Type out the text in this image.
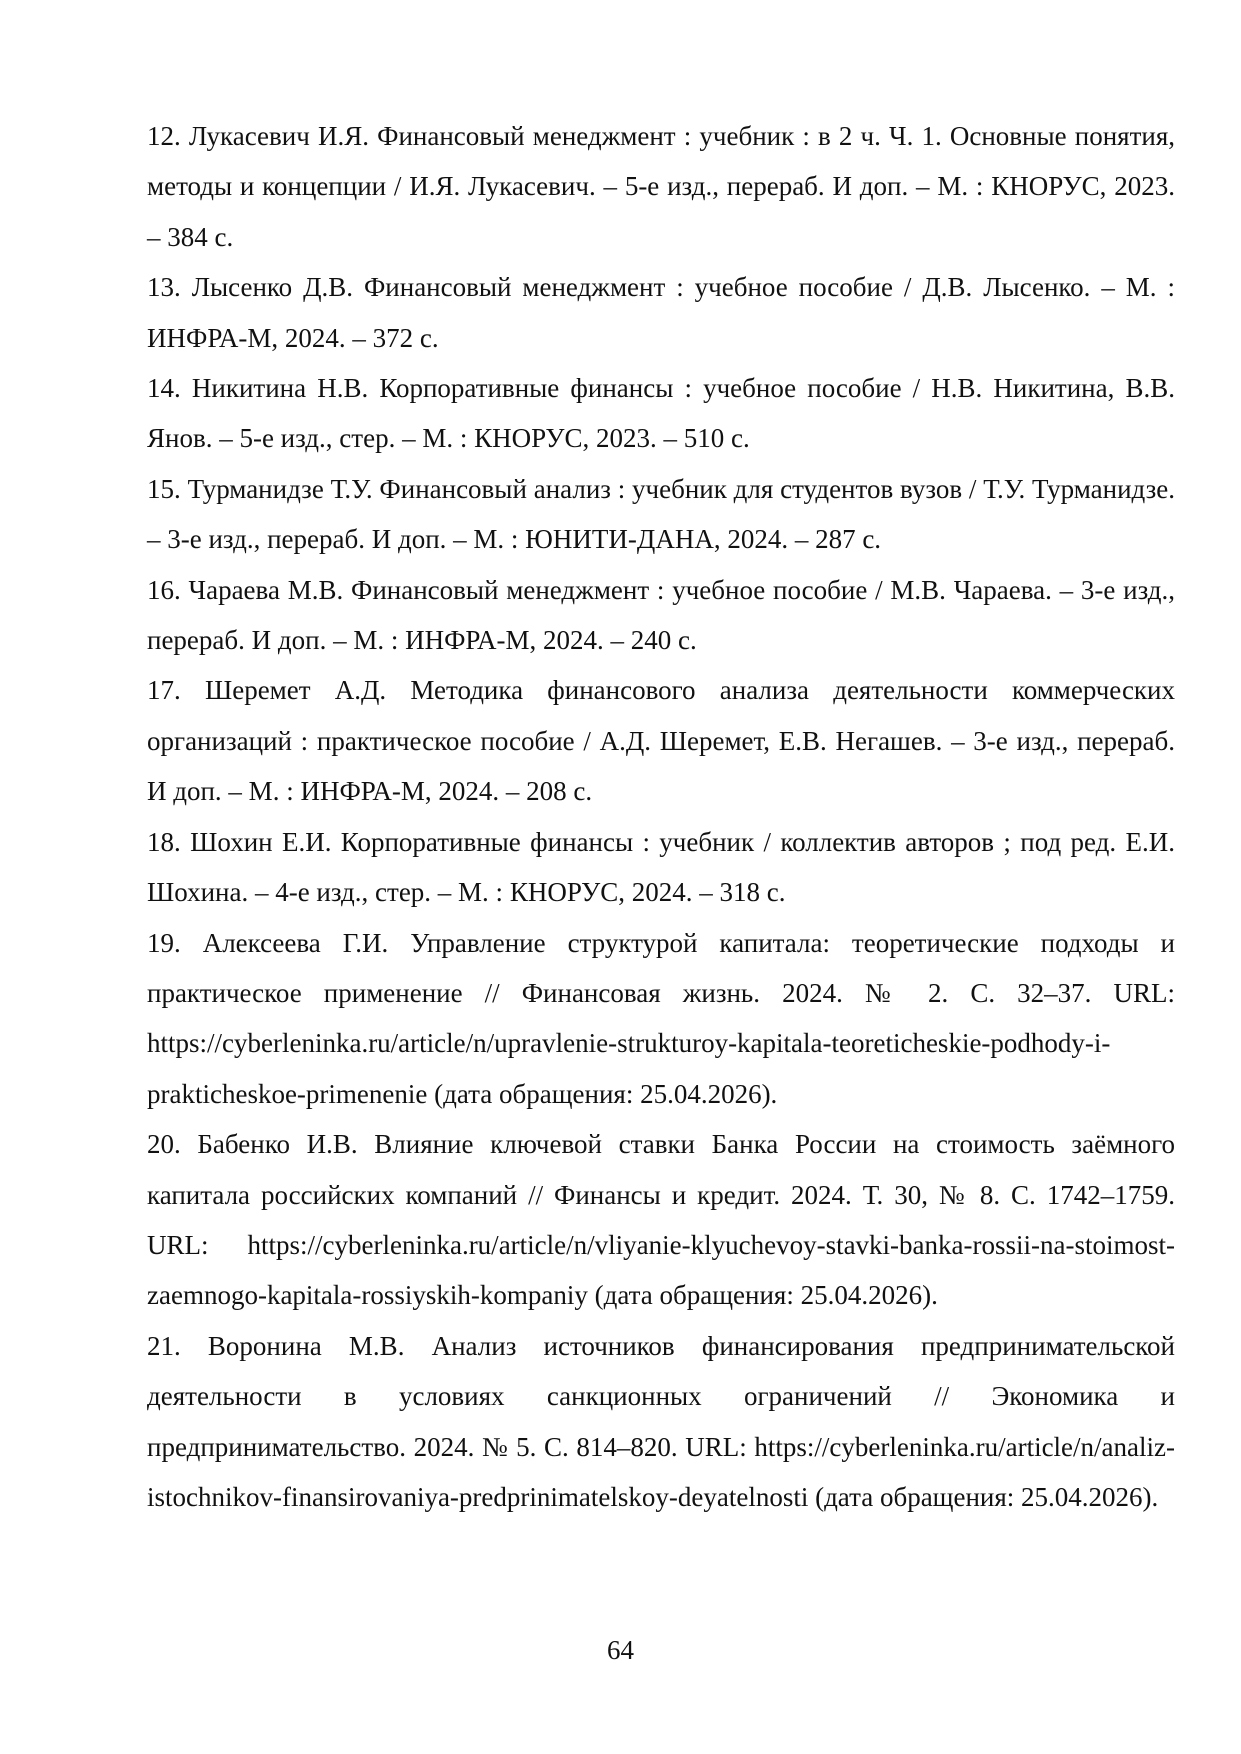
12. Лукасевич И.Я. Финансовый менеджмент : учебник : в 2 ч. Ч. 1. Основные понятия, методы и концепции / И.Я. Лукасевич. – 5-е изд., перераб. И доп. – М. : КНОРУС, 2023. – 384 с.

13. Лысенко Д.В. Финансовый менеджмент : учебное пособие / Д.В. Лысенко. – М. : ИНФРА-М, 2024. – 372 с.

14. Никитина Н.В. Корпоративные финансы : учебное пособие / Н.В. Никитина, В.В. Янов. – 5-е изд., стер. – М. : КНОРУС, 2023. – 510 с.

15. Турманидзе Т.У. Финансовый анализ : учебник для студентов вузов / Т.У. Турманидзе. – 3-е изд., перераб. И доп. – М. : ЮНИТИ-ДАНА, 2024. – 287 с.

16. Чараева М.В. Финансовый менеджмент : учебное пособие / М.В. Чараева. – 3-е изд., перераб. И доп. – М. : ИНФРА-М, 2024. – 240 с.

17. Шеремет А.Д. Методика финансового анализа деятельности коммерческих организаций : практическое пособие / А.Д. Шеремет, Е.В. Негашев. – 3-е изд., перераб. И доп. – М. : ИНФРА-М, 2024. – 208 с.

18. Шохин Е.И. Корпоративные финансы : учебник / коллектив авторов ; под ред. Е.И. Шохина. – 4-е изд., стер. – М. : КНОРУС, 2024. – 318 с.

19. Алексеева Г.И. Управление структурой капитала: теоретические подходы и практическое применение // Финансовая жизнь. 2024. № 2. С. 32–37. URL: https://cyberleninka.ru/article/n/upravlenie-strukturoy-kapitala-teoreticheskie-podhody-i-prakticheskoe-primenenie (дата обращения: 25.04.2026).

20. Бабенко И.В. Влияние ключевой ставки Банка России на стоимость заёмного капитала российских компаний // Финансы и кредит. 2024. Т. 30, № 8. С. 1742–1759. URL: https://cyberleninka.ru/article/n/vliyanie-klyuchevoy-stavki-banka-rossii-na-stoimost-zaemnogo-kapitala-rossiyskih-kompaniy (дата обращения: 25.04.2026).

21. Воронина М.В. Анализ источников финансирования предпринимательской деятельности в условиях санкционных ограничений // Экономика и предпринимательство. 2024. № 5. С. 814–820. URL: https://cyberleninka.ru/article/n/analiz-istochnikov-finansirovaniya-predprinimatelskoy-deyatelnosti (дата обращения: 25.04.2026).

64
